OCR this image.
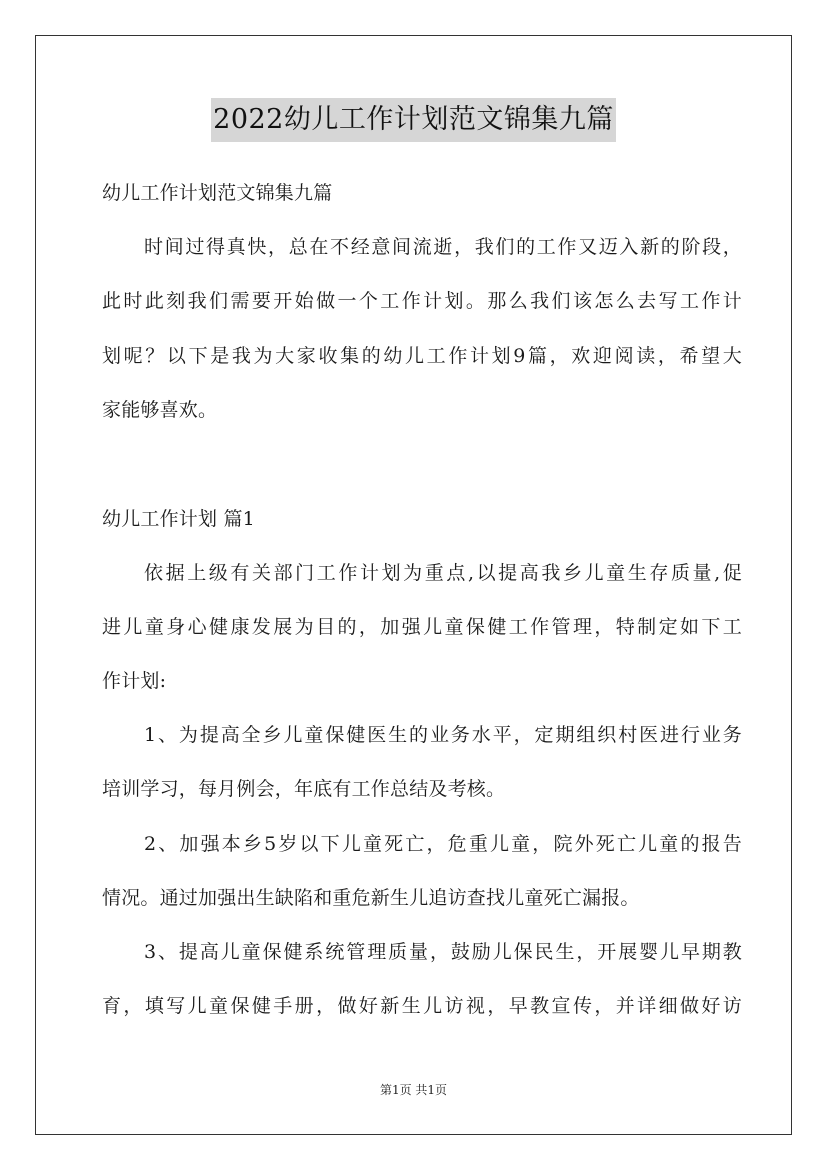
2022幼儿工作计划范文锦集九篇
幼儿工作计划范文锦集九篇
时间过得真快，总在不经意间流逝，我们的工作又迈入新的阶段，
此时此刻我们需要开始做一个工作计划。那么我们该怎么去写工作计
划呢？以下是我为大家收集的幼儿工作计划9篇，欢迎阅读，希望大
家能够喜欢。
幼儿工作计划 篇1
依据上级有关部门工作计划为重点,以提高我乡儿童生存质量,促
进儿童身心健康发展为目的，加强儿童保健工作管理，特制定如下工
作计划:
1、为提高全乡儿童保健医生的业务水平，定期组织村医进行业务
培训学习，每月例会，年底有工作总结及考核。
2、加强本乡5岁以下儿童死亡，危重儿童，院外死亡儿童的报告
情况。通过加强出生缺陷和重危新生儿追访查找儿童死亡漏报。
3、提高儿童保健系统管理质量，鼓励儿保民生，开展婴儿早期教
育，填写儿童保健手册，做好新生儿访视，早教宣传，并详细做好访
第1页 共1页
